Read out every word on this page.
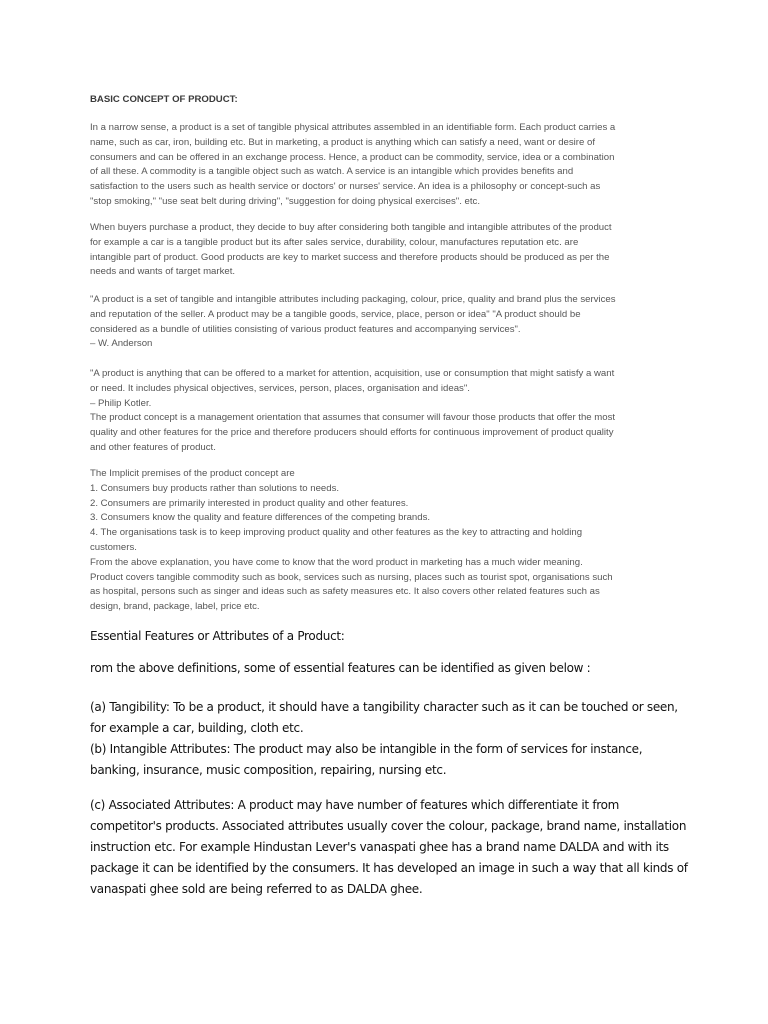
BASIC CONCEPT OF PRODUCT:
In a narrow sense, a product is a set of tangible physical attributes assembled in an identifiable form. Each product carries a
name, such as car, iron, building etc. But in marketing, a product is anything which can satisfy a need, want or desire of
consumers and can be offered in an exchange process. Hence, a product can be commodity, service, idea or a combination
of all these. A commodity is a tangible object such as watch. A service is an intangible which provides benefits and
satisfaction to the users such as health service or doctors' or nurses' service. An idea is a philosophy or concept-such as
"stop smoking," "use seat belt during driving", "suggestion for doing physical exercises". etc.
When buyers purchase a product, they decide to buy after considering both tangible and intangible attributes of the product
for example a car is a tangible product but its after sales service, durability, colour, manufactures reputation etc. are
intangible part of product. Good products are key to market success and therefore products should be produced as per the
needs and wants of target market.
"A product is a set of tangible and intangible attributes including packaging, colour, price, quality and brand plus the services
and reputation of the seller. A product may be a tangible goods, service, place, person or idea" "A product should be
considered as a bundle of utilities consisting of various product features and accompanying services".
– W. Anderson
"A product is anything that can be offered to a market for attention, acquisition, use or consumption that might satisfy a want
or need. It includes physical objectives, services, person, places, organisation and ideas".
– Philip Kotler.
The product concept is a management orientation that assumes that consumer will favour those products that offer the most
quality and other features for the price and therefore producers should efforts for continuous improvement of product quality
and other features of product.
The Implicit premises of the product concept are
1. Consumers buy products rather than solutions to needs.
2. Consumers are primarily interested in product quality and other features.
3. Consumers know the quality and feature differences of the competing brands.
4. The organisations task is to keep improving product quality and other features as the key to attracting and holding
customers.
From the above explanation, you have come to know that the word product in marketing has a much wider meaning.
Product covers tangible commodity such as book, services such as nursing, places such as tourist spot, organisations such
as hospital, persons such as singer and ideas such as safety measures etc. It also covers other related features such as
design, brand, package, label, price etc.
Essential Features or Attributes of a Product:
rom the above definitions, some of essential features can be identified as given below :
(a) Tangibility: To be a product, it should have a tangibility character such as it can be touched or seen,
for example a car, building, cloth etc.
(b) Intangible Attributes: The product may also be intangible in the form of services for instance,
banking, insurance, music composition, repairing, nursing etc.
(c) Associated Attributes: A product may have number of features which differentiate it from
competitor's products. Associated attributes usually cover the colour, package, brand name, installation
instruction etc. For example Hindustan Lever's vanaspati ghee has a brand name DALDA and with its
package it can be identified by the consumers. It has developed an image in such a way that all kinds of
vanaspati ghee sold are being referred to as DALDA ghee.
